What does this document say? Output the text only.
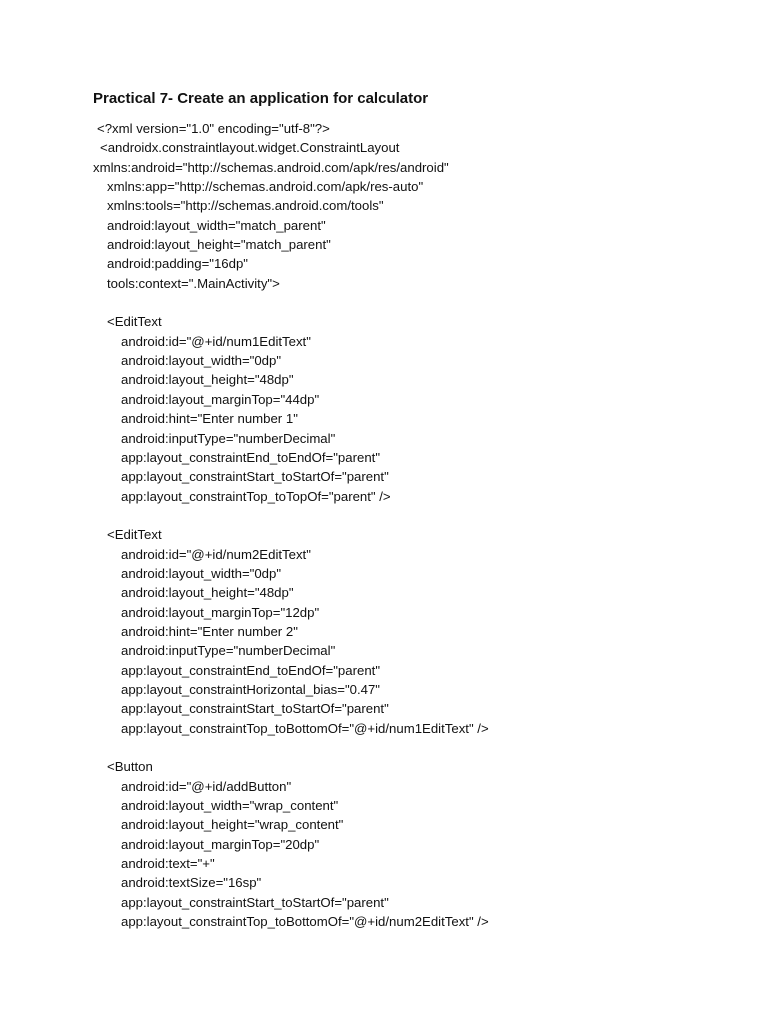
Practical 7- Create an application for calculator
<?xml version="1.0" encoding="utf-8"?>
<androidx.constraintlayout.widget.ConstraintLayout
xmlns:android="http://schemas.android.com/apk/res/android"
xmlns:app="http://schemas.android.com/apk/res-auto"
xmlns:tools="http://schemas.android.com/tools"
android:layout_width="match_parent"
android:layout_height="match_parent"
android:padding="16dp"
tools:context=".MainActivity">
<EditText
android:id="@+id/num1EditText"
android:layout_width="0dp"
android:layout_height="48dp"
android:layout_marginTop="44dp"
android:hint="Enter number 1"
android:inputType="numberDecimal"
app:layout_constraintEnd_toEndOf="parent"
app:layout_constraintStart_toStartOf="parent"
app:layout_constraintTop_toTopOf="parent" />
<EditText
android:id="@+id/num2EditText"
android:layout_width="0dp"
android:layout_height="48dp"
android:layout_marginTop="12dp"
android:hint="Enter number 2"
android:inputType="numberDecimal"
app:layout_constraintEnd_toEndOf="parent"
app:layout_constraintHorizontal_bias="0.47"
app:layout_constraintStart_toStartOf="parent"
app:layout_constraintTop_toBottomOf="@+id/num1EditText" />
<Button
android:id="@+id/addButton"
android:layout_width="wrap_content"
android:layout_height="wrap_content"
android:layout_marginTop="20dp"
android:text="+"
android:textSize="16sp"
app:layout_constraintStart_toStartOf="parent"
app:layout_constraintTop_toBottomOf="@+id/num2EditText" />
